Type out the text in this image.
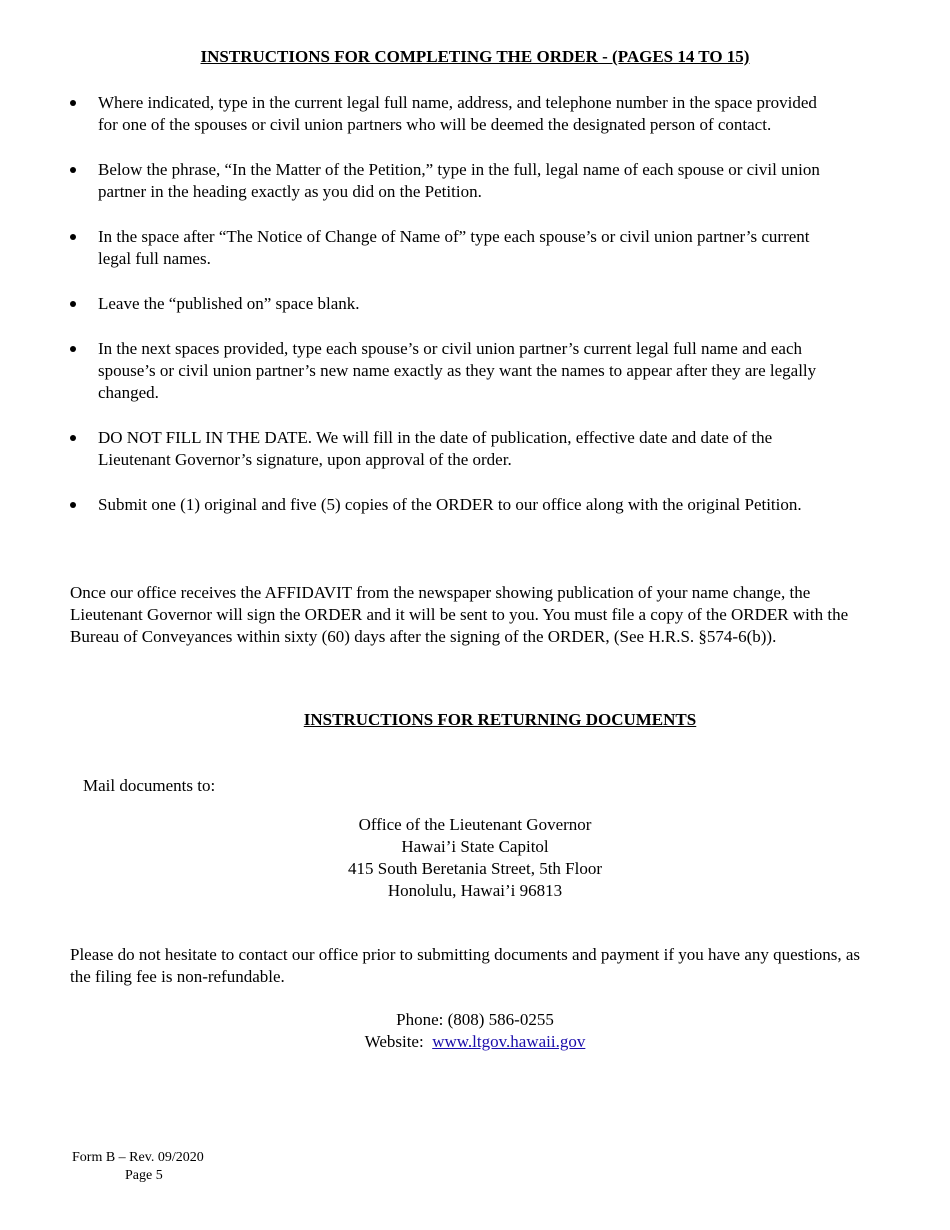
INSTRUCTIONS FOR COMPLETING THE ORDER - (PAGES 14 TO 15)
Where indicated, type in the current legal full name, address, and telephone number in the space provided for one of the spouses or civil union partners who will be deemed the designated person of contact.
Below the phrase, “In the Matter of the Petition,” type in the full, legal name of each spouse or civil union partner in the heading exactly as you did on the Petition.
In the space after “The Notice of Change of Name of” type each spouse’s or civil union partner’s current legal full names.
Leave the “published on” space blank.
In the next spaces provided, type each spouse’s or civil union partner’s current legal full name and each spouse’s or civil union partner’s new name exactly as they want the names to appear after they are legally changed.
DO NOT FILL IN THE DATE. We will fill in the date of publication, effective date and date of the Lieutenant Governor’s signature, upon approval of the order.
Submit one (1) original and five (5) copies of the ORDER to our office along with the original Petition.

Once our office receives the AFFIDAVIT from the newspaper showing publication of your name change, the Lieutenant Governor will sign the ORDER and it will be sent to you. You must file a copy of the ORDER with the Bureau of Conveyances within sixty (60) days after the signing of the ORDER, (See H.R.S. §574-6(b)).

INSTRUCTIONS FOR RETURNING DOCUMENTS

Mail documents to:

Office of the Lieutenant Governor
Hawai’i State Capitol
415 South Beretania Street, 5th Floor
Honolulu, Hawai’i 96813

Please do not hesitate to contact our office prior to submitting documents and payment if you have any questions, as the filing fee is non-refundable.

Phone: (808) 586-0255
Website: www.ltgov.hawaii.gov
Form B – Rev. 09/2020
Page 5
